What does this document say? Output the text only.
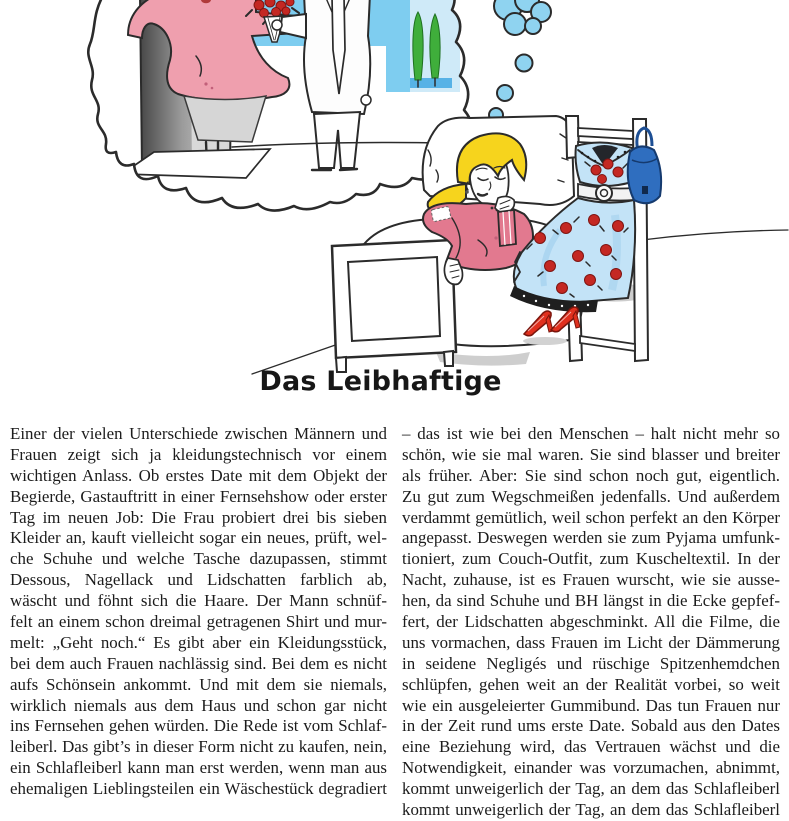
Das Leibhaftige
Einer der vielen Unterschiede zwischen Männern und
Frauen zeigt sich ja kleidungstechnisch vor einem
wichtigen Anlass. Ob erstes Date mit dem Objekt der
Begierde, Gastauftritt in einer Fernsehshow oder erster
Tag im neuen Job: Die Frau probiert drei bis sieben
Kleider an, kauft vielleicht sogar ein neues, prüft, wel-
che Schuhe und welche Tasche dazupassen, stimmt
Dessous, Nagellack und Lidschatten farblich ab,
wäscht und föhnt sich die Haare. Der Mann schnüf-
felt an einem schon dreimal getragenen Shirt und mur-
melt: „Geht noch.“ Es gibt aber ein Kleidungsstück,
bei dem auch Frauen nachlässig sind. Bei dem es nicht
aufs Schönsein ankommt. Und mit dem sie niemals,
wirklich niemals aus dem Haus und schon gar nicht
ins Fernsehen gehen würden. Die Rede ist vom Schlaf-
leiberl. Das gibt’s in dieser Form nicht zu kaufen, nein,
ein Schlafleiberl kann man erst werden, wenn man aus
ehemaligen Lieblingsteilen ein Wäschestück degradiert
– das ist wie bei den Menschen – halt nicht mehr so
schön, wie sie mal waren. Sie sind blasser und breiter
als früher. Aber: Sie sind schon noch gut, eigentlich.
Zu gut zum Wegschmeißen jedenfalls. Und außerdem
verdammt gemütlich, weil schon perfekt an den Körper
angepasst. Deswegen werden sie zum Pyjama umfunk-
tioniert, zum Couch-Outfit, zum Kuscheltextil. In der
Nacht, zuhause, ist es Frauen wurscht, wie sie ausse-
hen, da sind Schuhe und BH längst in die Ecke gepfef-
fert, der Lidschatten abgeschminkt. All die Filme, die
uns vormachen, dass Frauen im Licht der Dämmerung
in seidene Negligés und rüschige Spitzenhemdchen
schlüpfen, gehen weit an der Realität vorbei, so weit
wie ein ausgeleierter Gummibund. Das tun Frauen nur
in der Zeit rund ums erste Date. Sobald aus den Dates
eine Beziehung wird, das Vertrauen wächst und die
Notwendigkeit, einander was vorzumachen, abnimmt,
kommt unweigerlich der Tag, an dem das Schlafleiberl
kommt unweigerlich der Tag, an dem das Schlafleiberl
